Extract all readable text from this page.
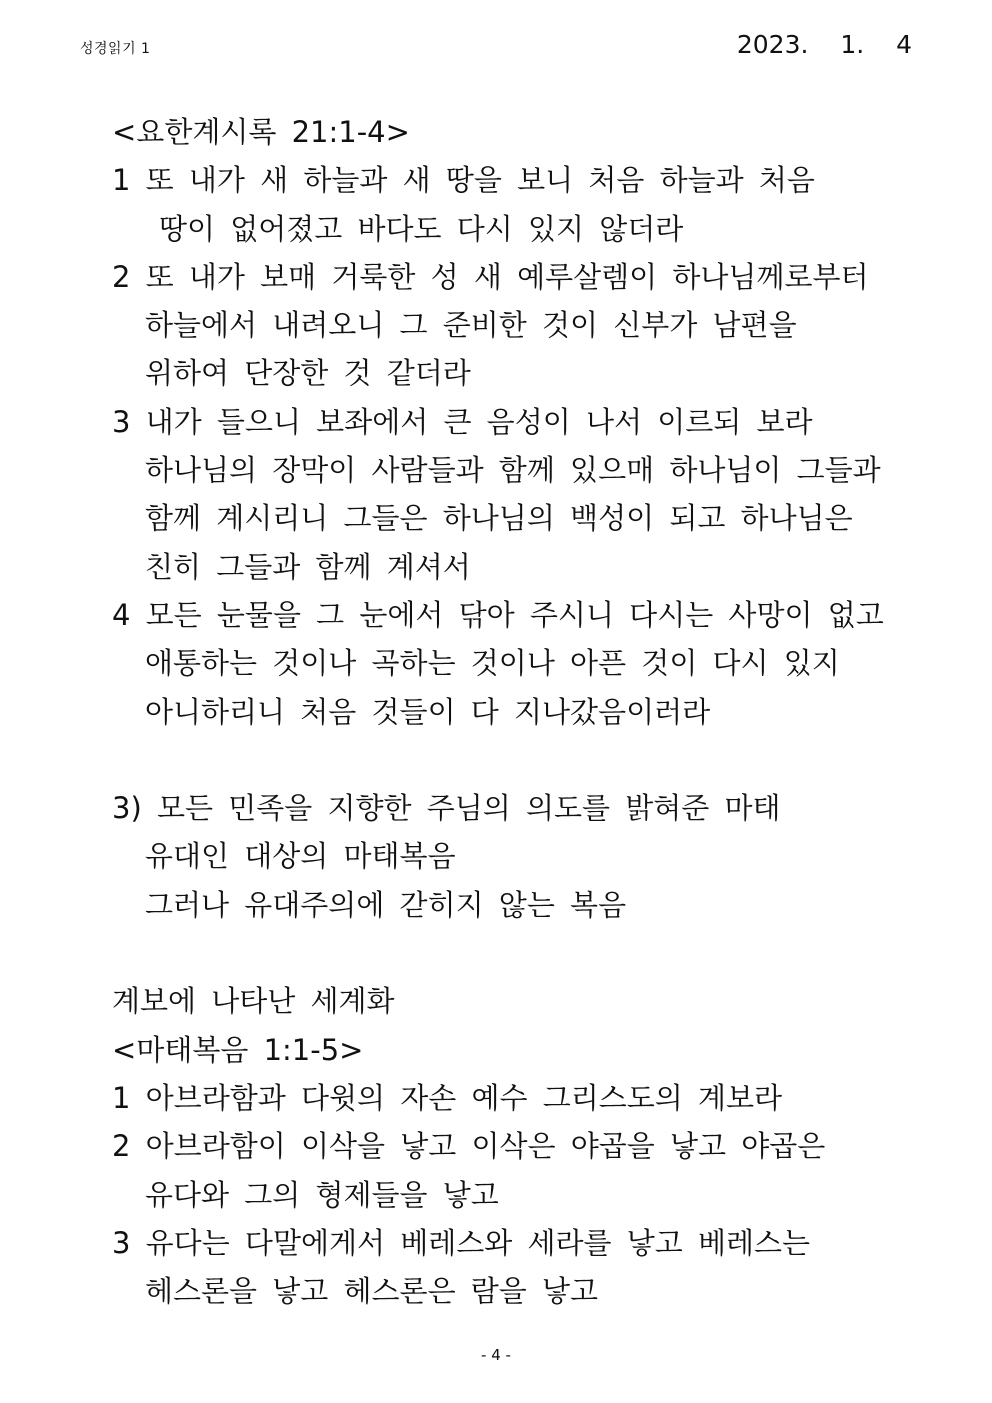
성경읽기 1	2023.  1.  4
<요한계시록 21:1-4>
1 또 내가 새 하늘과 새 땅을 보니 처음 하늘과 처음
땅이 없어졌고 바다도 다시 있지 않더라
2 또 내가 보매 거룩한 성 새 예루살렘이 하나님께로부터
하늘에서 내려오니 그 준비한 것이 신부가 남편을
위하여 단장한 것 같더라
3 내가 들으니 보좌에서 큰 음성이 나서 이르되 보라
하나님의 장막이 사람들과 함께 있으매 하나님이 그들과
함께 계시리니 그들은 하나님의 백성이 되고 하나님은
친히 그들과 함께 계셔서
4 모든 눈물을 그 눈에서 닦아 주시니 다시는 사망이 없고
애통하는 것이나 곡하는 것이나 아픈 것이 다시 있지
아니하리니 처음 것들이 다 지나갔음이러라
3) 모든 민족을 지향한 주님의 의도를 밝혀준 마태
유대인 대상의 마태복음
그러나 유대주의에 갇히지 않는 복음
계보에 나타난 세계화
<마태복음 1:1-5>
1 아브라함과 다윗의 자손 예수 그리스도의 계보라
2 아브라함이 이삭을 낳고 이삭은 야곱을 낳고 야곱은
유다와 그의 형제들을 낳고
3 유다는 다말에게서 베레스와 세라를 낳고 베레스는
헤스론을 낳고 헤스론은 람을 낳고
- 4 -
